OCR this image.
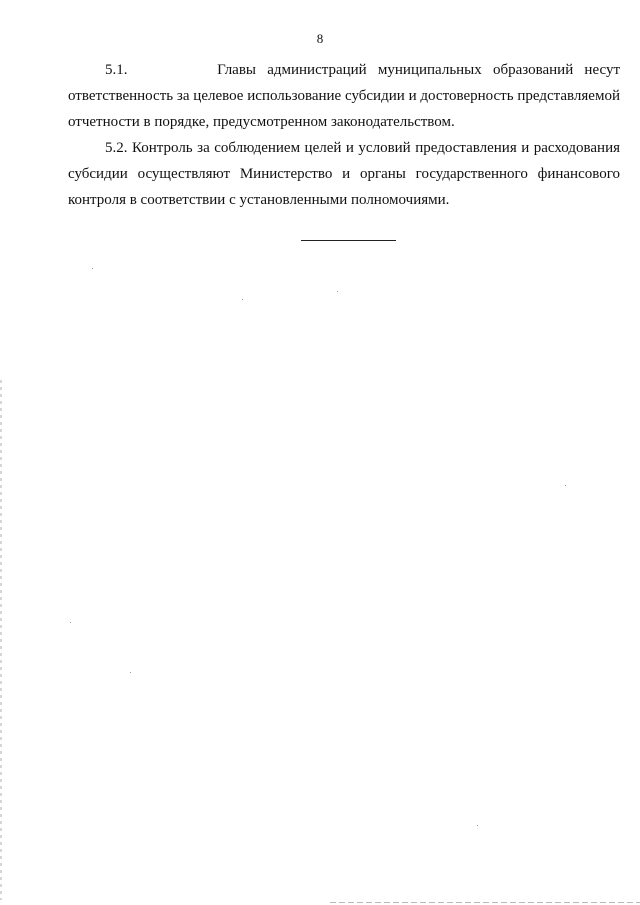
8

5.1.	Главы администраций муниципальных образований несут ответственность за целевое использование субсидии и достоверность представляемой отчетности в порядке, предусмотренном законодательством.

5.2. Контроль за соблюдением целей и условий предоставления и расходования субсидии осуществляют Министерство и органы государственного финансового контроля в соответствии с установленными полномочиями.
